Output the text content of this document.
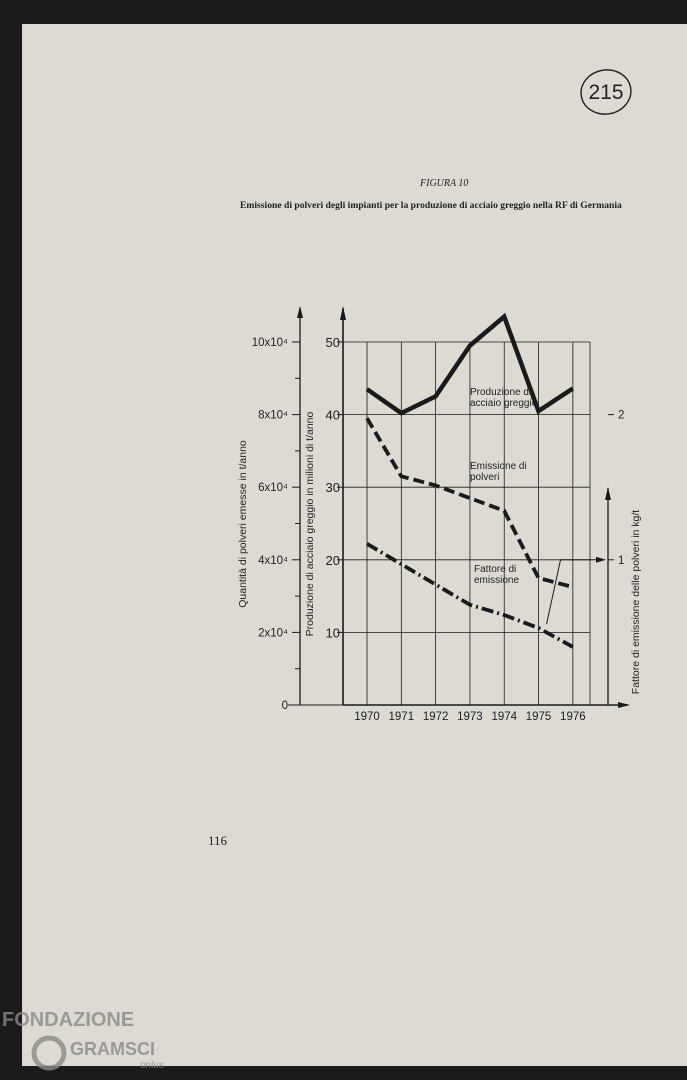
215
FIGURA 10
Emissione di polveri degli impianti per la produzione di acciaio greggio nella RF di Germania
0
2x10⁴
4x10⁴
6x10⁴
8x10⁴
10x10⁴
Quantità di polveri emesse in t/anno
10
20
30
40
50
Produzione di acciaio greggio in milioni di t/anno
1970 1971 1972 1973 1974 1975 1976
1
2
Fattore di emissione delle polveri in kg/t
Produzione di
acciaio greggio
Emissione di
polveri
Fattore di
emissione
116
FONDAZIONE
GRAMSCI
onlus
